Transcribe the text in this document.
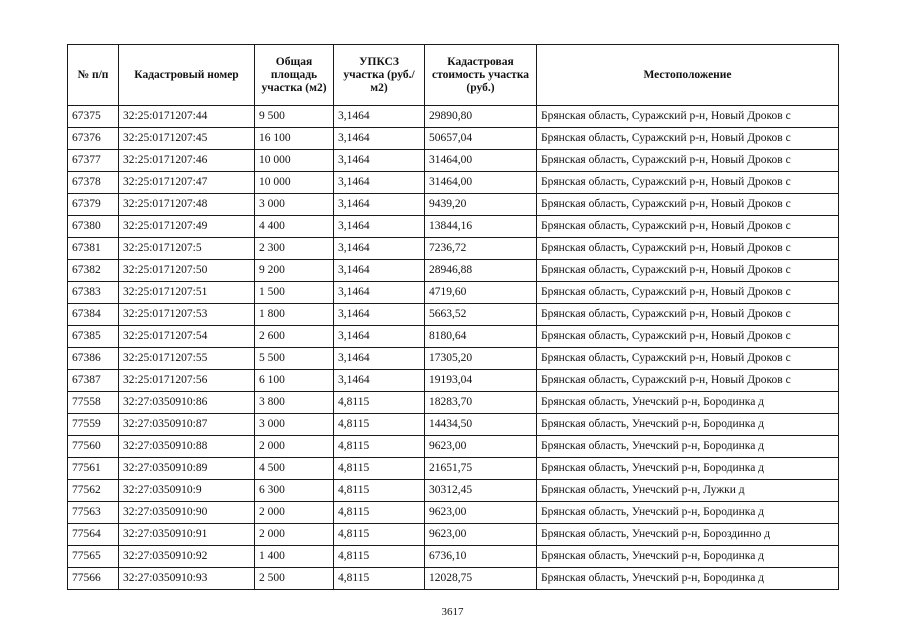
№ п/п	Кадастровый номер	Общая площадь участка (м2)	УПКСЗ участка (руб./м2)	Кадастровая стоимость участка (руб.)	Местоположение
67375	32:25:0171207:44	9 500	3,1464	29890,80	Брянская область, Суражский р-н, Новый Дроков с
67376	32:25:0171207:45	16 100	3,1464	50657,04	Брянская область, Суражский р-н, Новый Дроков с
67377	32:25:0171207:46	10 000	3,1464	31464,00	Брянская область, Суражский р-н, Новый Дроков с
67378	32:25:0171207:47	10 000	3,1464	31464,00	Брянская область, Суражский р-н, Новый Дроков с
67379	32:25:0171207:48	3 000	3,1464	9439,20	Брянская область, Суражский р-н, Новый Дроков с
67380	32:25:0171207:49	4 400	3,1464	13844,16	Брянская область, Суражский р-н, Новый Дроков с
67381	32:25:0171207:5	2 300	3,1464	7236,72	Брянская область, Суражский р-н, Новый Дроков с
67382	32:25:0171207:50	9 200	3,1464	28946,88	Брянская область, Суражский р-н, Новый Дроков с
67383	32:25:0171207:51	1 500	3,1464	4719,60	Брянская область, Суражский р-н, Новый Дроков с
67384	32:25:0171207:53	1 800	3,1464	5663,52	Брянская область, Суражский р-н, Новый Дроков с
67385	32:25:0171207:54	2 600	3,1464	8180,64	Брянская область, Суражский р-н, Новый Дроков с
67386	32:25:0171207:55	5 500	3,1464	17305,20	Брянская область, Суражский р-н, Новый Дроков с
67387	32:25:0171207:56	6 100	3,1464	19193,04	Брянская область, Суражский р-н, Новый Дроков с
77558	32:27:0350910:86	3 800	4,8115	18283,70	Брянская область, Унечский р-н, Бородинка д
77559	32:27:0350910:87	3 000	4,8115	14434,50	Брянская область, Унечский р-н, Бородинка д
77560	32:27:0350910:88	2 000	4,8115	9623,00	Брянская область, Унечский р-н, Бородинка д
77561	32:27:0350910:89	4 500	4,8115	21651,75	Брянская область, Унечский р-н, Бородинка д
77562	32:27:0350910:9	6 300	4,8115	30312,45	Брянская область, Унечский р-н, Лужки д
77563	32:27:0350910:90	2 000	4,8115	9623,00	Брянская область, Унечский р-н, Бородинка д
77564	32:27:0350910:91	2 000	4,8115	9623,00	Брянская область, Унечский р-н, Бороздинно д
77565	32:27:0350910:92	1 400	4,8115	6736,10	Брянская область, Унечский р-н, Бородинка д
77566	32:27:0350910:93	2 500	4,8115	12028,75	Брянская область, Унечский р-н, Бородинка д
3617
